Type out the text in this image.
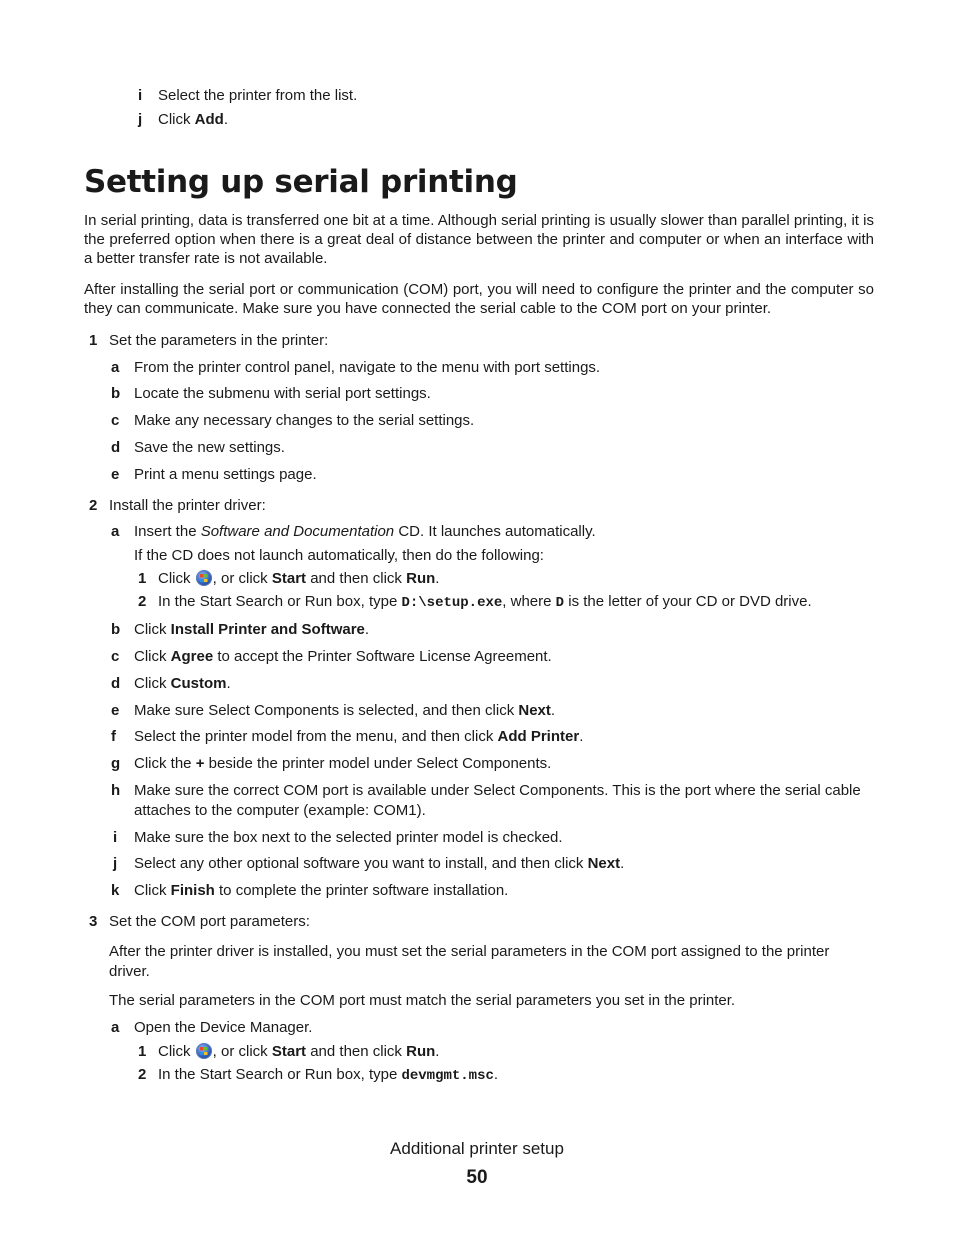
i Select the printer from the list.
j Click Add.
Setting up serial printing
In serial printing, data is transferred one bit at a time. Although serial printing is usually slower than parallel printing, it is the preferred option when there is a great deal of distance between the printer and computer or when an interface with a better transfer rate is not available.
After installing the serial port or communication (COM) port, you will need to configure the printer and the computer so they can communicate. Make sure you have connected the serial cable to the COM port on your printer.
1 Set the parameters in the printer:
a From the printer control panel, navigate to the menu with port settings.
b Locate the submenu with serial port settings.
c Make any necessary changes to the serial settings.
d Save the new settings.
e Print a menu settings page.
2 Install the printer driver:
a Insert the Software and Documentation CD. It launches automatically.
If the CD does not launch automatically, then do the following:
1 Click , or click Start and then click Run.
2 In the Start Search or Run box, type D:\setup.exe, where D is the letter of your CD or DVD drive.
b Click Install Printer and Software.
c Click Agree to accept the Printer Software License Agreement.
d Click Custom.
e Make sure Select Components is selected, and then click Next.
f Select the printer model from the menu, and then click Add Printer.
g Click the + beside the printer model under Select Components.
h Make sure the correct COM port is available under Select Components. This is the port where the serial cable
attaches to the computer (example: COM1).
i Make sure the box next to the selected printer model is checked.
j Select any other optional software you want to install, and then click Next.
k Click Finish to complete the printer software installation.
3 Set the COM port parameters:
After the printer driver is installed, you must set the serial parameters in the COM port assigned to the printer
driver.
The serial parameters in the COM port must match the serial parameters you set in the printer.
a Open the Device Manager.
1 Click , or click Start and then click Run.
2 In the Start Search or Run box, type devmgmt.msc.
Additional printer setup
50
